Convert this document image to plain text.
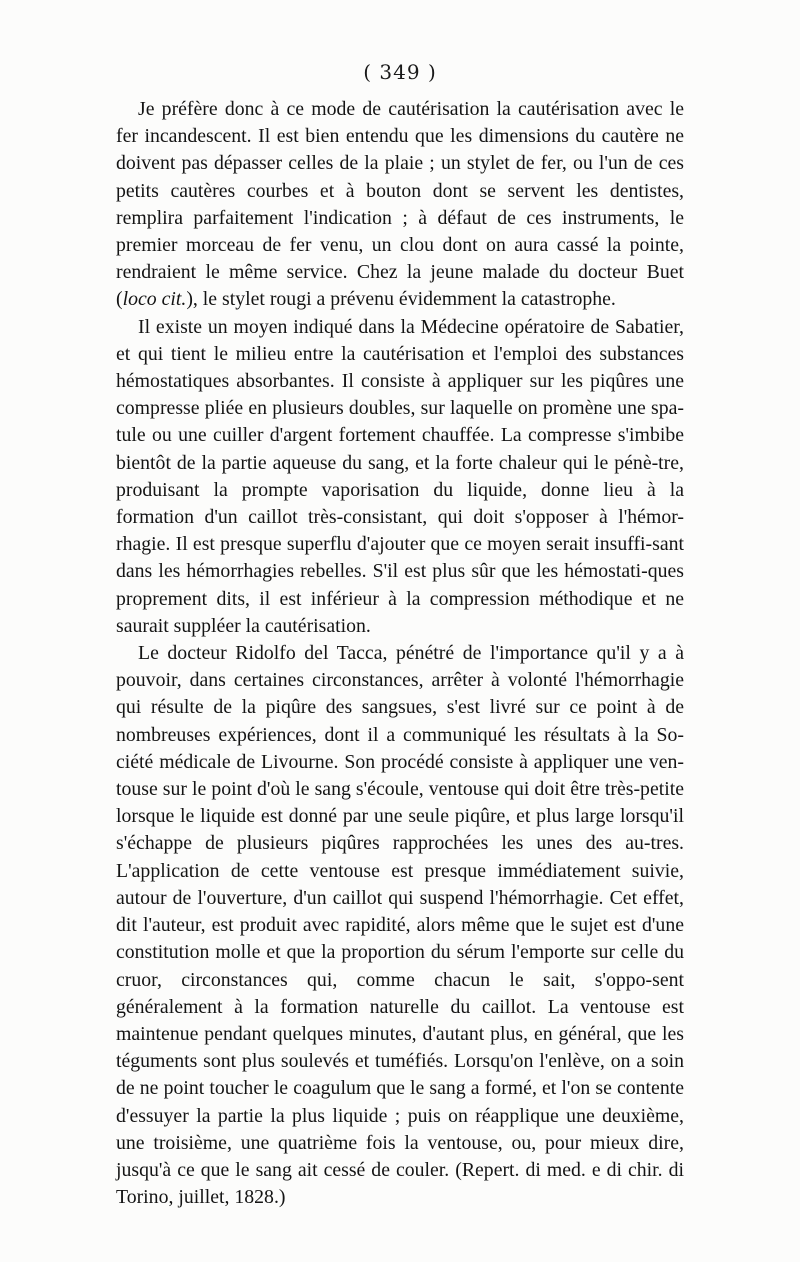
( 349 )

Je préfère donc à ce mode de cautérisation la cautérisation avec le fer incandescent. Il est bien entendu que les dimensions du cautère ne doivent pas dépasser celles de la plaie ; un stylet de fer, ou l'un de ces petits cautères courbes et à bouton dont se servent les dentistes, remplira parfaitement l'indication ; à défaut de ces instruments, le premier morceau de fer venu, un clou dont on aura cassé la pointe, rendraient le même service. Chez la jeune malade du docteur Buet (loco cit.), le stylet rougi a prévenu évidemment la catastrophe.

Il existe un moyen indiqué dans la Médecine opératoire de Sabatier, et qui tient le milieu entre la cautérisation et l'emploi des substances hémostatiques absorbantes. Il consiste à appliquer sur les piqûres une compresse pliée en plusieurs doubles, sur laquelle on promène une spa-tule ou une cuiller d'argent fortement chauffée. La compresse s'imbibe bientôt de la partie aqueuse du sang, et la forte chaleur qui le pénè-tre, produisant la prompte vaporisation du liquide, donne lieu à la formation d'un caillot très-consistant, qui doit s'opposer à l'hémor-rhagie. Il est presque superflu d'ajouter que ce moyen serait insuffi-sant dans les hémorrhagies rebelles. S'il est plus sûr que les hémostati-ques proprement dits, il est inférieur à la compression méthodique et ne saurait suppléer la cautérisation.

Le docteur Ridolfo del Tacca, pénétré de l'importance qu'il y a à pouvoir, dans certaines circonstances, arrêter à volonté l'hémorrhagie qui résulte de la piqûre des sangsues, s'est livré sur ce point à de nombreuses expériences, dont il a communiqué les résultats à la So-ciété médicale de Livourne. Son procédé consiste à appliquer une ven-touse sur le point d'où le sang s'écoule, ventouse qui doit être très-petite lorsque le liquide est donné par une seule piqûre, et plus large lorsqu'il s'échappe de plusieurs piqûres rapprochées les unes des au-tres. L'application de cette ventouse est presque immédiatement suivie, autour de l'ouverture, d'un caillot qui suspend l'hémorrhagie. Cet effet, dit l'auteur, est produit avec rapidité, alors même que le sujet est d'une constitution molle et que la proportion du sérum l'emporte sur celle du cruor, circonstances qui, comme chacun le sait, s'oppo-sent généralement à la formation naturelle du caillot. La ventouse est maintenue pendant quelques minutes, d'autant plus, en général, que les téguments sont plus soulevés et tuméfiés. Lorsqu'on l'enlève, on a soin de ne point toucher le coagulum que le sang a formé, et l'on se contente d'essuyer la partie la plus liquide ; puis on réapplique une deuxième, une troisième, une quatrième fois la ventouse, ou, pour mieux dire, jusqu'à ce que le sang ait cessé de couler. (Repert. di med. e di chir. di Torino, juillet, 1828.)
